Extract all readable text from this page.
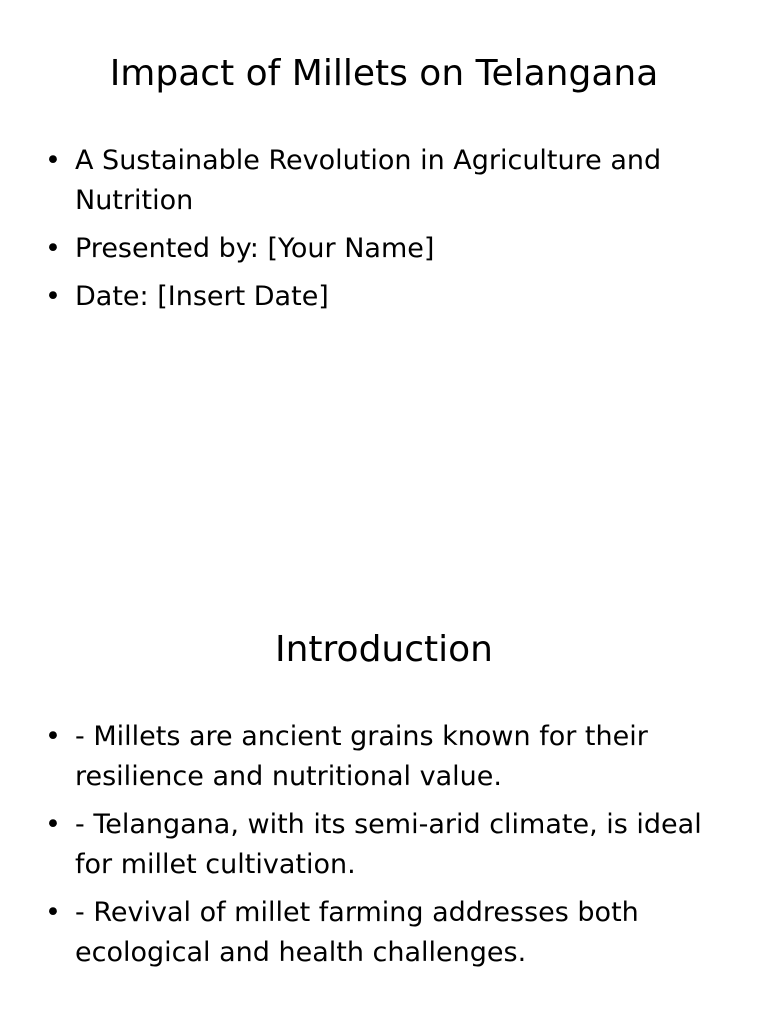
Impact of Millets on Telangana
• A Sustainable Revolution in Agriculture and Nutrition
• Presented by: [Your Name]
• Date: [Insert Date]
Introduction
• - Millets are ancient grains known for their resilience and nutritional value.
• - Telangana, with its semi-arid climate, is ideal for millet cultivation.
• - Revival of millet farming addresses both ecological and health challenges.
